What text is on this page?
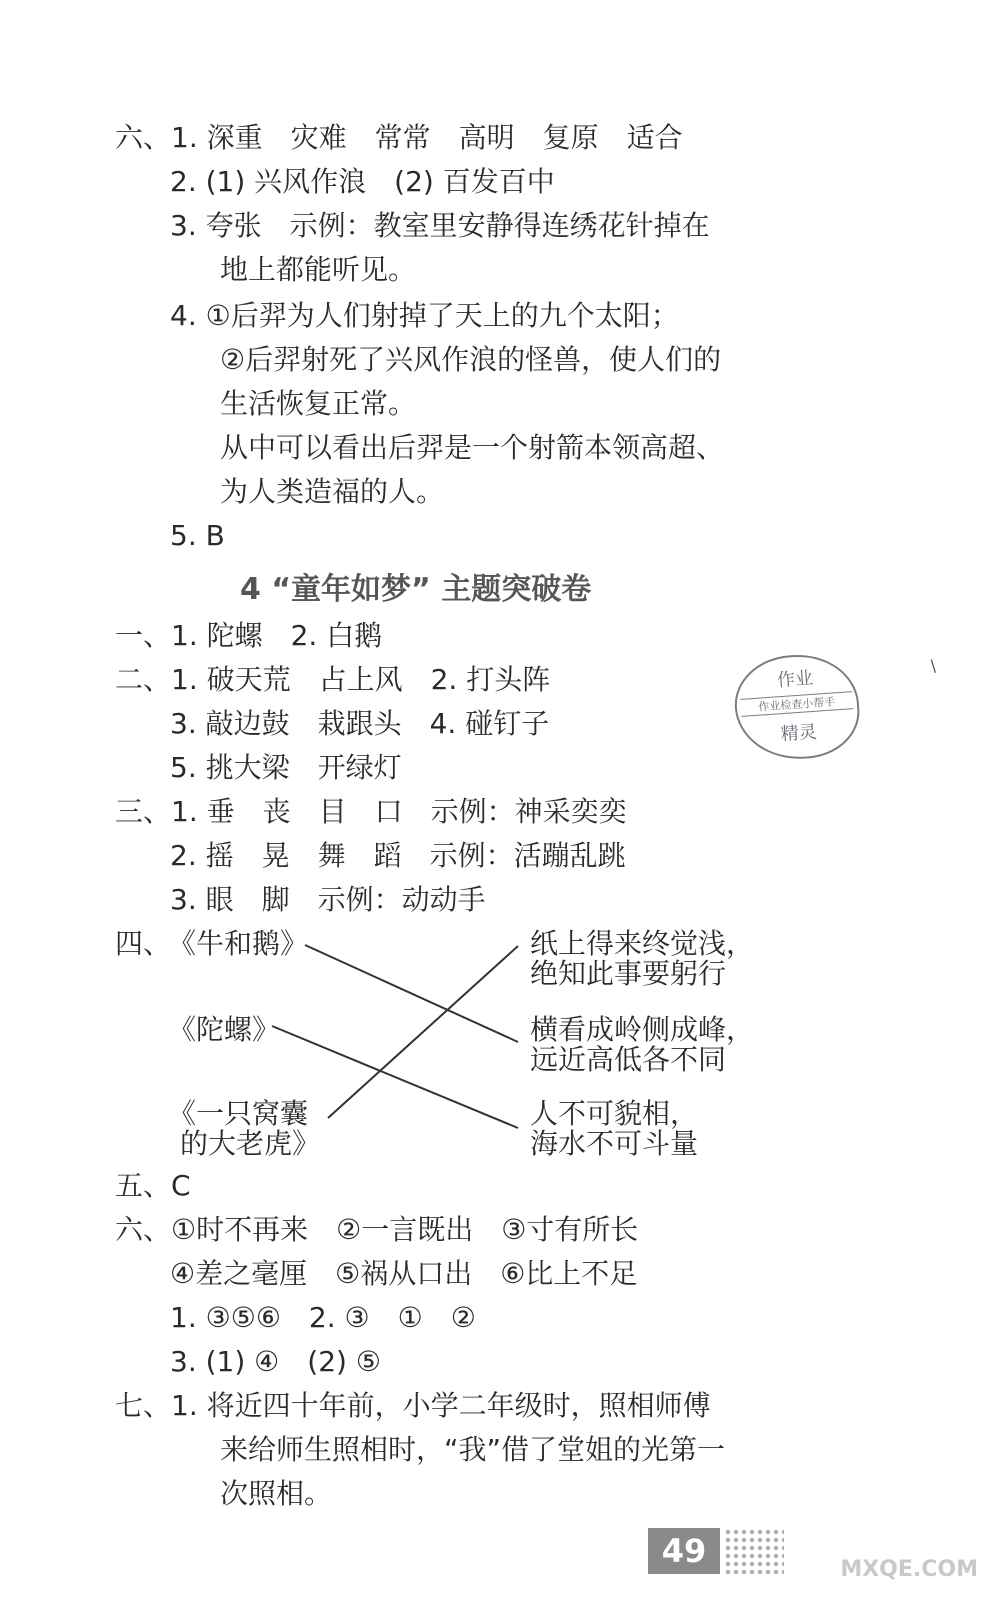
六、1. 深重　灾难　常常　高明　复原　适合
2. (1) 兴风作浪　(2) 百发百中
3. 夸张　示例：教室里安静得连绣花针掉在
地上都能听见。
4. ①后羿为人们射掉了天上的九个太阳；
②后羿射死了兴风作浪的怪兽，使人们的
生活恢复正常。
从中可以看出后羿是一个射箭本领高超、
为人类造福的人。
5. B
4 “童年如梦” 主题突破卷
一、1. 陀螺　2. 白鹅
二、1. 破天荒　占上风　2. 打头阵
3. 敲边鼓　栽跟头　4. 碰钉子
5. 挑大梁　开绿灯
三、1. 垂　丧　目　口　示例：神采奕奕
2. 摇　晃　舞　蹈　示例：活蹦乱跳
3. 眼　脚　示例：动动手
四、
《牛和鹅》
《陀螺》
《一只窝囊
的大老虎》
纸上得来终觉浅，
绝知此事要躬行
横看成岭侧成峰，
远近高低各不同
人不可貌相，
海水不可斗量
五、C
六、①时不再来　②一言既出　③寸有所长
④差之毫厘　⑤祸从口出　⑥比上不足
1. ③⑤⑥　2. ③　①　②
3. (1) ④　(2) ⑤
七、1. 将近四十年前，小学二年级时，照相师傅
来给师生照相时，“我”借了堂姐的光第一
次照相。
作业
作业检查小帮手
精灵
\
49	MXQE.COM
